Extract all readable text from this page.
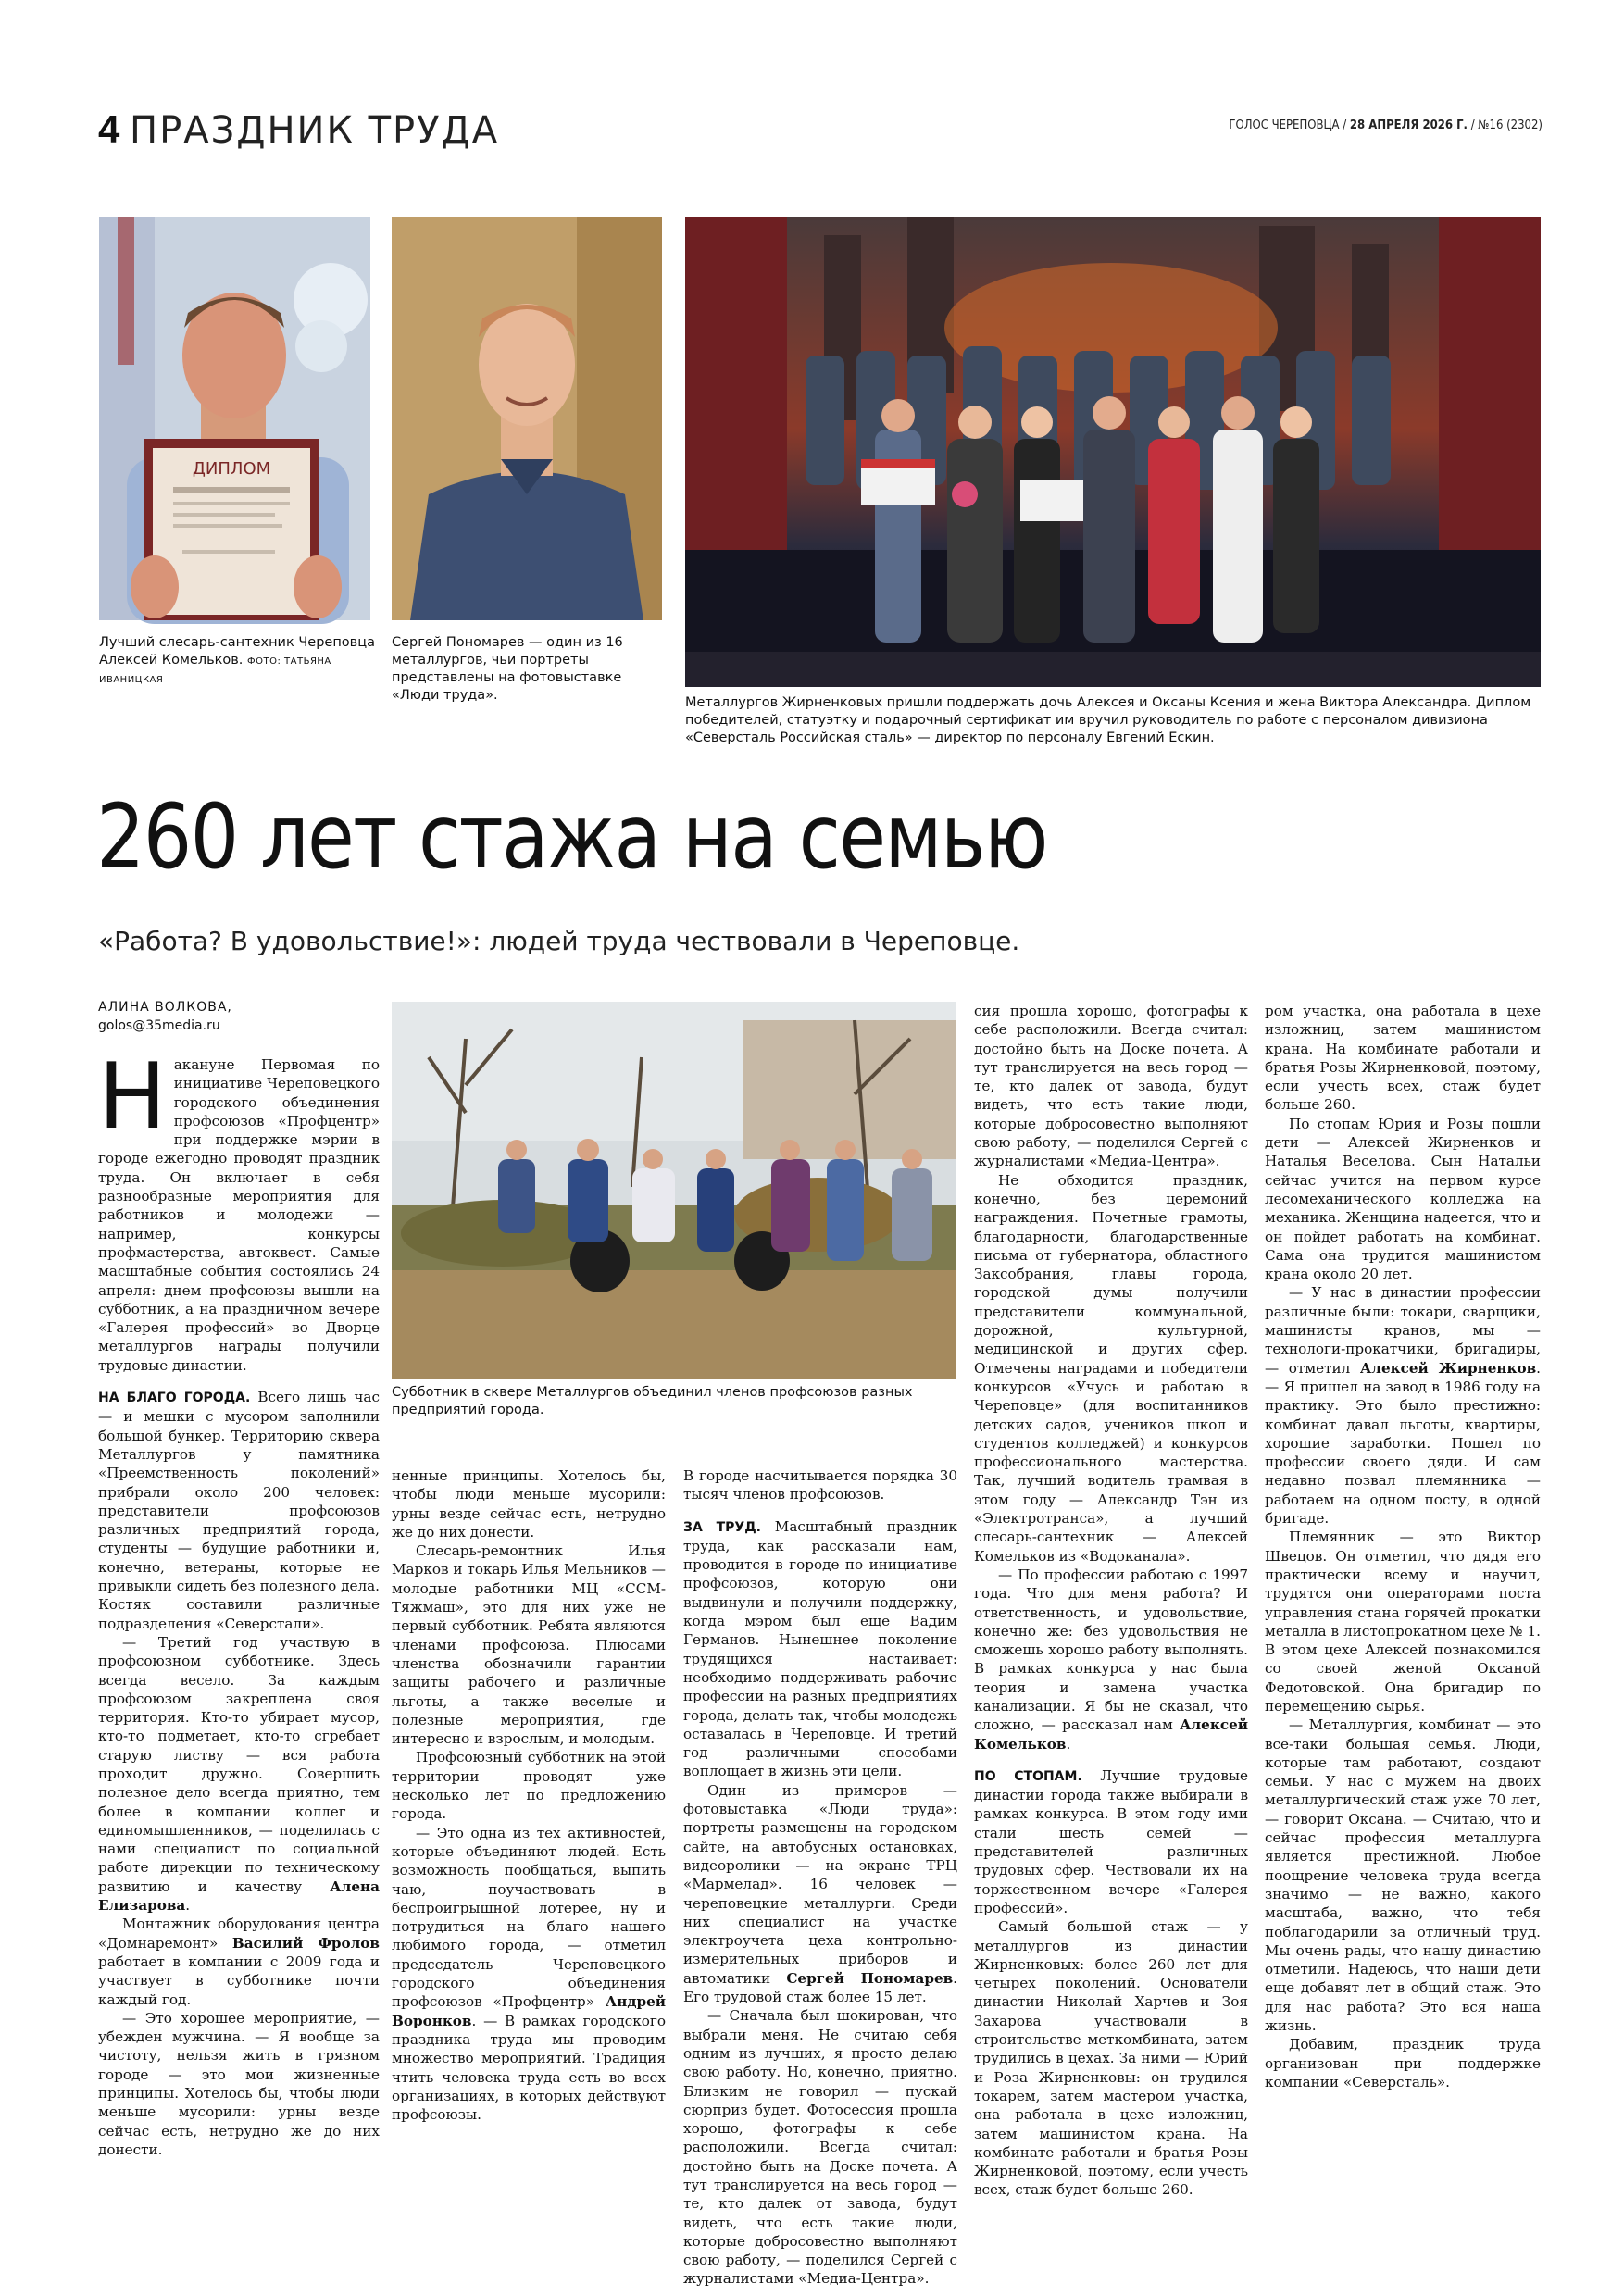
4 ПРАЗДНИК ТРУДА	ГОЛОС ЧЕРЕПОВЦА / 28 АПРЕЛЯ 2026 Г. / №16 (2302)
ДИПЛОМ
Лучший слесарь-сантехник Череповца Алексей Комельков. ФОТО: ТАТЬЯНА ИВАНИЦКАЯ
Сергей Пономарев — один из 16 металлургов, чьи портреты представлены на фотовыставке «Люди труда».	Металлургов Жирненковых пришли поддержать дочь Алексея и Оксаны Ксения и жена Виктора Александра. Диплом победителей, статуэтку и подарочный сертификат им вручил руководитель по работе с персоналом дивизиона «Северсталь Российская сталь» — директор по персоналу Евгений Ескин.
260 лет стажа на семью
«Работа? В удовольствие!»: людей труда чествовали в Череповце.
АЛИНА ВОЛКОВА,
golos@35media.ru

Накануне Первомая по инициативе Череповецкого городского объединения профсоюзов «Профцентр» при поддержке мэрии в городе ежегодно проводят праздник труда. Он включает в себя разнообразные мероприятия для работников и молодежи — например, конкурсы профмастерства, автоквест. Самые масштабные события состоялись 24 апреля: днем профсоюзы вышли на субботник, а на праздничном вечере «Галерея профессий» во Дворце металлургов награды получили трудовые династии.

НА БЛАГО ГОРОДА. Всего лишь час — и мешки с мусором заполнили большой бункер. Территорию сквера Металлургов у памятника «Преемственность поколений» прибрали около 200 человек: представители профсоюзов различных предприятий города, студенты — будущие работники и, конечно, ветераны, которые не привыкли сидеть без полезного дела. Костяк составили различные подразделения «Северстали».

— Третий год участвую в профсоюзном субботнике. Здесь всегда весело. За каждым профсоюзом закреплена своя территория. Кто-то убирает мусор, кто-то подметает, кто-то сгребает старую листву — вся работа проходит дружно. Совершить полезное дело всегда приятно, тем более в компании коллег и единомышленников, — поделилась с нами специалист по социальной работе дирекции по техническому развитию и качеству Алена Елизарова.

Монтажник оборудования центра «Домнаремонт» Василий Фролов работает в компании с 2009 года и участвует в субботнике почти каждый год.

— Это хорошее мероприятие, — убежден мужчина. — Я вообще за чистоту, нельзя жить в грязном городе — это мои жизненные принципы. Хотелось бы, чтобы люди меньше мусорили: урны везде сейчас есть, нетрудно же до них донести.

Субботник в сквере Металлургов объединил членов профсоюзов разных предприятий города.

ненные принципы. Хотелось бы, чтобы люди меньше мусорили: урны везде сейчас есть, нетрудно же до них донести.

Слесарь-ремонтник Илья Марков и токарь Илья Мельников — молодые работники МЦ «ССМ-Тяжмаш», это для них уже не первый субботник. Ребята являются членами профсоюза. Плюсами членства обозначили гарантии защиты рабочего и различные льготы, а также веселые и полезные мероприятия, где интересно и взрослым, и молодым.

Профсоюзный субботник на этой территории проводят уже несколько лет по предложению города.

— Это одна из тех активностей, которые объединяют людей. Есть возможность пообщаться, выпить чаю, поучаствовать в беспроигрышной лотерее, ну и потрудиться на благо нашего любимого города, — отметил председатель Череповецкого городского объединения профсоюзов «Профцентр» Андрей Воронков. — В рамках городского праздника труда мы проводим множество мероприятий. Традиция чтить человека труда есть во всех организациях, в которых действуют профсоюзы.

В городе насчитывается порядка 30 тысяч членов профсоюзов.

ЗА ТРУД. Масштабный праздник труда, как рассказали нам, проводится в городе по инициативе профсоюзов, которую они выдвинули и получили поддержку, когда мэром был еще Вадим Германов. Нынешнее поколение трудящихся настаивает: необходимо поддерживать рабочие профессии на разных предприятиях города, делать так, чтобы молодежь оставалась в Череповце. И третий год различными способами воплощает в жизнь эти цели.

Один из примеров — фотовыставка «Люди труда»: портреты размещены на городском сайте, на автобусных остановках, видеоролики — на экране ТРЦ «Мармелад». 16 человек — череповецкие металлурги. Среди них специалист на участке электроучета цеха контрольно-измерительных приборов и автоматики Сергей Пономарев. Его трудовой стаж более 15 лет.

— Сначала был шокирован, что выбрали меня. Не считаю себя одним из лучших, я просто делаю свою работу. Но, конечно, приятно. Близким не говорил — пускай сюрприз будет. Фотосессия прошла хорошо, фотографы к себе расположили. Всегда считал: достойно быть на Доске почета. А тут транслируется на весь город — те, кто далек от завода, будут видеть, что есть такие люди, которые добросовестно выполняют свою работу, — поделился Сергей с журналистами «Медиа-Центра».

сия прошла хорошо, фотографы к себе расположили. Всегда считал: достойно быть на Доске почета. А тут транслируется на весь город — те, кто далек от завода, будут видеть, что есть такие люди, которые добросовестно выполняют свою работу, — поделился Сергей с журналистами «Медиа-Центра».

Не обходится праздник, конечно, без церемоний награждения. Почетные грамоты, благодарности, благодарственные письма от губернатора, областного Заксобрания, главы города, городской думы получили представители коммунальной, дорожной, культурной, медицинской и других сфер. Отмечены наградами и победители конкурсов «Учусь и работаю в Череповце» (для воспитанников детских садов, учеников школ и студентов колледжей) и конкурсов профессионального мастерства. Так, лучший водитель трамвая в этом году — Александр Тэн из «Электротранса», а лучший слесарь-сантехник — Алексей Комельков из «Водоканала».

— По профессии работаю с 1997 года. Что для меня работа? И ответственность, и удовольствие, конечно же: без удовольствия не сможешь хорошо работу выполнять. В рамках конкурса у нас была теория и замена участка канализации. Я бы не сказал, что сложно, — рассказал нам Алексей Комельков.

ПО СТОПАМ. Лучшие трудовые династии города также выбирали в рамках конкурса. В этом году ими стали шесть семей — представителей различных трудовых сфер. Чествовали их на торжественном вечере «Галерея профессий».

Самый большой стаж — у металлургов из династии Жирненковых: более 260 лет для четырех поколений. Основатели династии Николай Харчев и Зоя Захарова участвовали в строительстве меткомбината, затем трудились в цехах. За ними — Юрий и Роза Жирненковы: он трудился токарем, затем мастером участка, она работала в цехе изложниц, затем машинистом крана. На комбинате работали и братья Розы Жирненковой, поэтому, если учесть всех, стаж будет больше 260.

ром участка, она работала в цехе изложниц, затем машинистом крана. На комбинате работали и братья Розы Жирненковой, поэтому, если учесть всех, стаж будет больше 260.

По стопам Юрия и Розы пошли дети — Алексей Жирненков и Наталья Веселова. Сын Натальи сейчас учится на первом курсе лесомеханического колледжа на механика. Женщина надеется, что и он пойдет работать на комбинат. Сама она трудится машинистом крана около 20 лет.

— У нас в династии профессии различные были: токари, сварщики, машинисты кранов, мы — технологи-прокатчики, бригадиры, — отметил Алексей Жирненков. — Я пришел на завод в 1986 году на практику. Это было престижно: комбинат давал льготы, квартиры, хорошие заработки. Пошел по профессии своего дяди. И сам недавно позвал племянника — работаем на одном посту, в одной бригаде.

Племянник — это Виктор Швецов. Он отметил, что дядя его практически всему и научил, трудятся они операторами поста управления стана горячей прокатки металла в листопрокатном цехе № 1. В этом цехе Алексей познакомился со своей женой Оксаной Федотовской. Она бригадир по перемещению сырья.

— Металлургия, комбинат — это все-таки большая семья. Люди, которые там работают, создают семьи. У нас с мужем на двоих металлургический стаж уже 70 лет, — говорит Оксана. — Считаю, что и сейчас профессия металлурга является престижной. Любое поощрение человека труда всегда значимо — не важно, какого масштаба, важно, что тебя поблагодарили за отличный труд. Мы очень рады, что нашу династию отметили. Надеюсь, что наши дети еще добавят лет в общий стаж. Это для нас работа? Это вся наша жизнь.

Добавим, праздник труда организован при поддержке компании «Северсталь».
